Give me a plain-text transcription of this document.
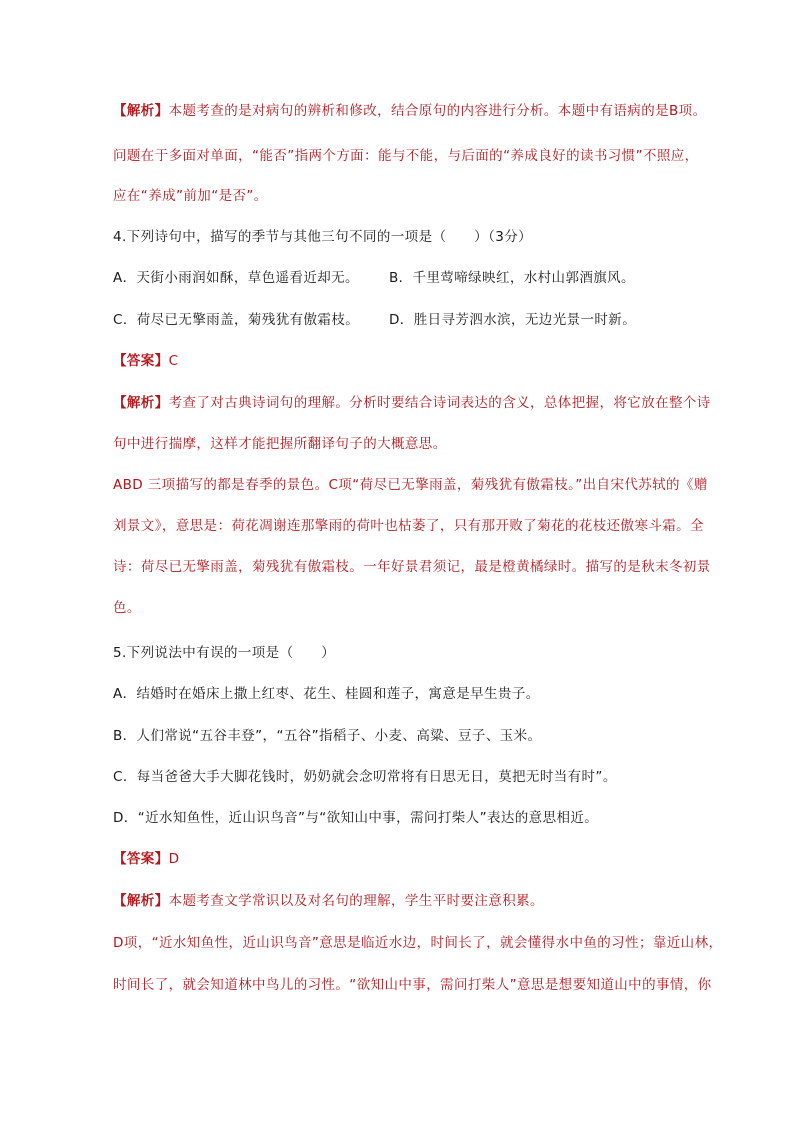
【解析】本题考查的是对病句的辨析和修改，结合原句的内容进行分析。本题中有语病的是B项。
问题在于多面对单面，“能否”指两个方面：能与不能，与后面的“养成良好的读书习惯”不照应，
应在“养成”前加“是否”。
4.下列诗句中，描写的季节与其他三句不同的一项是（　　）（3分）
A．天街小雨润如酥，草色遥看近却无。 B．千里莺啼绿映红，水村山郭酒旗风。
C．荷尽已无擎雨盖，菊残犹有傲霜枝。 D．胜日寻芳泗水滨，无边光景一时新。
【答案】C
【解析】考查了对古典诗词句的理解。分析时要结合诗词表达的含义，总体把握，将它放在整个诗
句中进行揣摩，这样才能把握所翻译句子的大概意思。
ABD 三项描写的都是春季的景色。C项“荷尽已无擎雨盖，菊残犹有傲霜枝。”出自宋代苏轼的《赠
刘景文》，意思是：荷花凋谢连那擎雨的荷叶也枯萎了，只有那开败了菊花的花枝还傲寒斗霜。全
诗：荷尽已无擎雨盖，菊残犹有傲霜枝。一年好景君须记，最是橙黄橘绿时。描写的是秋末冬初景
色。
5.下列说法中有误的一项是（　　）
A．结婚时在婚床上撒上红枣、花生、桂圆和莲子，寓意是早生贵子。
B．人们常说“五谷丰登”，“五谷”指稻子、小麦、高粱、豆子、玉米。
C．每当爸爸大手大脚花钱时，奶奶就会念叨常将有日思无日，莫把无时当有时”。
D．“近水知鱼性，近山识鸟音”与“欲知山中事，需问打柴人”表达的意思相近。
【答案】D
【解析】本题考查文学常识以及对名句的理解，学生平时要注意积累。
D项，“近水知鱼性，近山识鸟音”意思是临近水边，时间长了，就会懂得水中鱼的习性；靠近山林，
时间长了，就会知道林中鸟儿的习性。“欲知山中事，需问打柴人”意思是想要知道山中的事情，你
